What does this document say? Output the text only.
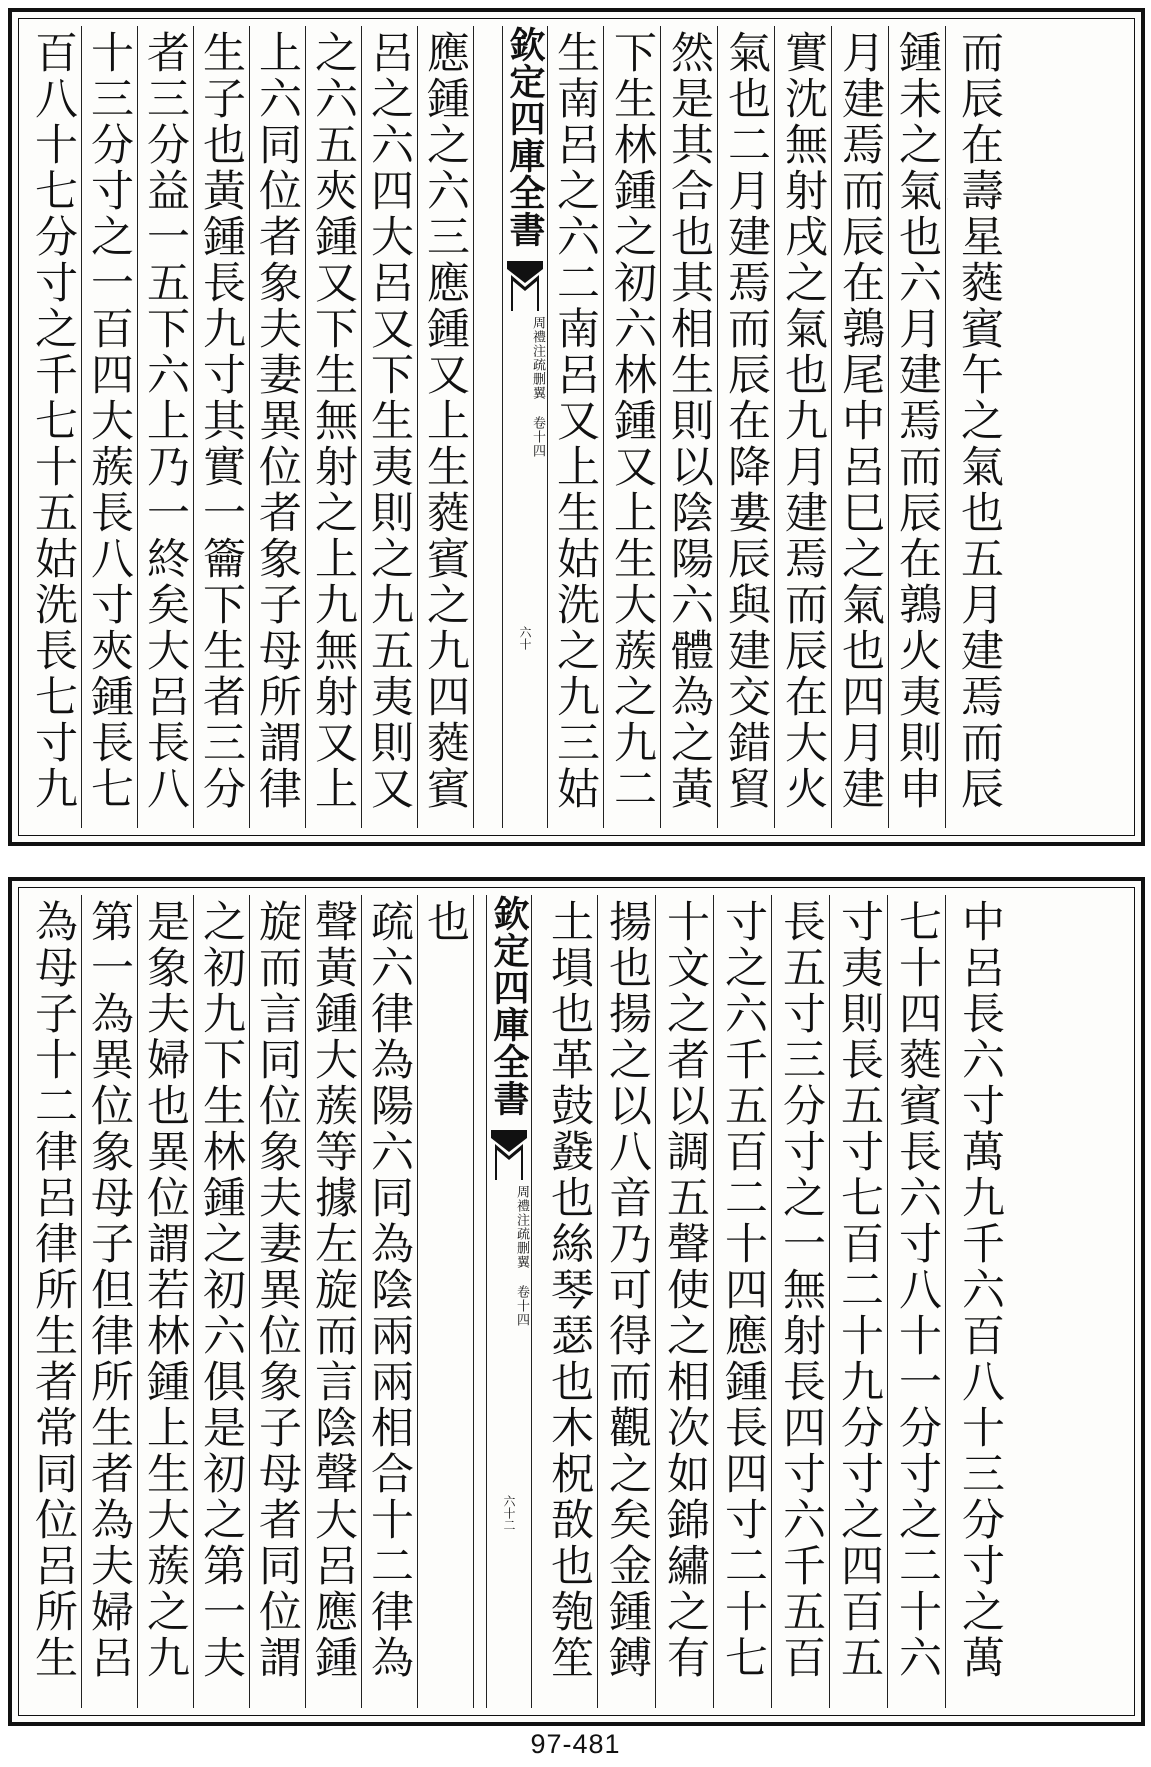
百八十七分寸之千七十五姑洗長七寸九
十三分寸之一百四大蔟長八寸夾鍾長七
者三分益一五下六上乃一終矣大呂長八
生子也黃鍾長九寸其實一籥下生者三分
上六同位者象夫妻異位者象子母所謂律
之六五夾鍾又下生無射之上九無射又上
呂之六四大呂又下生夷則之九五夷則又
應鍾之六三應鍾又上生蕤賓之九四蕤賓
欽定四庫全書
周禮注疏删翼 卷十四
六十
生南呂之六二南呂又上生姑洗之九三姑
下生林鍾之初六林鍾又上生大蔟之九二
然是其合也其相生則以陰陽六體為之黃
氣也二月建焉而辰在降婁辰與建交錯貿
實沈無射戌之氣也九月建焉而辰在大火
月建焉而辰在鶉尾中呂巳之氣也四月建
鍾未之氣也六月建焉而辰在鶉火夷則申
而辰在壽星蕤賓午之氣也五月建焉而辰
為母子十二律呂律所生者常同位呂所生
第一為異位象母子但律所生者為夫婦呂
是象夫婦也異位謂若林鍾上生大蔟之九
之初九下生林鍾之初六俱是初之第一夫
旋而言同位象夫妻異位象子母者同位謂
聲黃鍾大蔟等據左旋而言陰聲大呂應鍾
疏六律為陽六同為陰兩兩相合十二律為
也 欽定四庫全書
周禮注疏删翼 卷十四
六十二
土塤也革鼓鼗也絲琴瑟也木柷敔也匏笙
揚也揚之以八音乃可得而觀之矣金鍾鎛
十文之者以調五聲使之相次如錦繡之有
寸之六千五百二十四應鍾長四寸二十七
長五寸三分寸之一無射長四寸六千五百
寸夷則長五寸七百二十九分寸之四百五
七十四蕤賓長六寸八十一分寸之二十六
中呂長六寸萬九千六百八十三分寸之萬
97-481
